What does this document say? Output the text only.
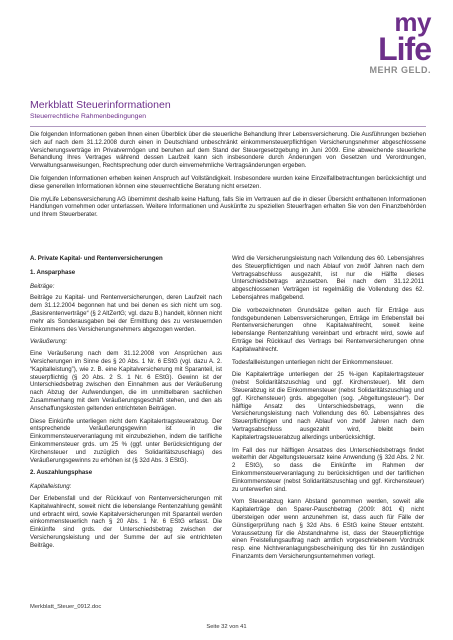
my
Life
MEHR GELD.
Merkblatt Steuerinformationen
Steuerrechtliche Rahmenbedingungen

Die folgenden Informationen geben Ihnen einen Überblick über die steuerliche Behandlung Ihrer Lebensversicherung. Die Ausführungen beziehen sich auf nach dem 31.12.2008 durch einen in Deutschland unbeschränkt einkommensteuerpflichtigen Versicherungsnehmer abgeschlossene Versicherungsverträge im Privatvermögen und beruhen auf dem Stand der Steuergesetzgebung im Juni 2009. Eine abweichende steuerliche Behandlung Ihres Vertrages während dessen Laufzeit kann sich insbesondere durch Änderungen von Gesetzen und Verordnungen, Verwaltungsanweisungen, Rechtsprechung oder durch einvernehmliche Vertragsänderungen ergeben.

Die folgenden Informationen erheben keinen Anspruch auf Vollständigkeit. Insbesondere wurden keine Einzelfallbetrachtungen berücksichtigt und diese generellen Informationen können eine steuerrechtliche Beratung nicht ersetzen.

Die myLife Lebensversicherung AG übernimmt deshalb keine Haftung, falls Sie im Vertrauen auf die in dieser Übersicht enthaltenen Informationen Handlungen vornehmen oder unterlassen. Weitere Informationen und Auskünfte zu speziellen Steuerfragen erhalten Sie von den Finanzbehörden und Ihrem Steuerberater.

A. Private Kapital- und Rentenversicherungen

1. Ansparphase

Beiträge:

Beiträge zu Kapital- und Rentenversicherungen, deren Laufzeit nach dem 31.12.2004 begonnen hat und bei denen es sich nicht um sog. „Basisrentenverträge“ (§ 2 AltZertG; vgl. dazu B.) handelt, können nicht mehr als Sonderausgaben bei der Ermittlung des zu versteuernden Einkommens des Versicherungsnehmers abgezogen werden.

Veräußerung:

Eine Veräußerung nach dem 31.12.2008 von Ansprüchen aus Versicherungen im Sinne des § 20 Abs. 1 Nr. 6 EStG (vgl. dazu A. 2. “Kapitalleistung”), wie z. B. eine Kapitalversicherung mit Sparanteil, ist steuerpflichtig (§ 20 Abs. 2 S. 1 Nr. 6 EStG). Gewinn ist der Unterschiedsbetrag zwischen den Einnahmen aus der Veräußerung nach Abzug der Aufwendungen, die im unmittelbaren sachlichen Zusammenhang mit dem Veräußerungsgeschäft stehen, und den als Anschaffungskosten geltenden entrichteten Beiträgen.

Diese Einkünfte unterliegen nicht dem Kapitalertragsteuerabzug. Der entsprechende Veräußerungsgewinn ist in die Einkommensteuerveranlagung mit einzubeziehen, indem die tarifliche Einkommensteuer grds. um 25 % (ggf. unter Berücksichtigung der Kirchensteuer und zuzüglich des Solidaritätszuschlags) des Veräußerungsgewinns zu erhöhen ist (§ 32d Abs. 3 EStG).

2. Auszahlungsphase

Kapitalleistung:

Der Erlebensfall und der Rückkauf von Rentenversicherungen mit Kapitalwahlrecht, soweit nicht die lebenslange Rentenzahlung gewählt und erbracht wird, sowie Kapitalversicherungen mit Sparanteil werden einkommensteuerlich nach § 20 Abs. 1 Nr. 6 EStG erfasst. Die Einkünfte sind grds. der Unterschiedsbetrag zwischen der Versicherungsleistung und der Summe der auf sie entrichteten Beiträge.

Wird die Versicherungsleistung nach Vollendung des 60. Lebensjahres des Steuerpflichtigen und nach Ablauf von zwölf Jahren nach dem Vertragsabschluss ausgezahlt, ist nur die Hälfte dieses Unterschiedsbetrags anzusetzen. Bei nach dem 31.12.2011 abgeschlossenen Verträgen ist regelmäßig die Vollendung des 62. Lebensjahres maßgebend.

Die vorbezeichneten Grundsätze gelten auch für Erträge aus fondsgebundenen Lebensversicherungen, Erträge im Erlebensfall bei Rentenversicherungen ohne Kapitalwahlrecht, soweit keine lebenslange Rentenzahlung vereinbart und erbracht wird, sowie auf Erträge bei Rückkauf des Vertrags bei Rentenversicherungen ohne Kapitalwahlrecht.

Todesfallleistungen unterliegen nicht der Einkommensteuer.

Die Kapitalerträge unterliegen der 25 %-igen Kapitalertragsteuer (nebst Solidaritätszuschlag und ggf. Kirchensteuer). Mit dem Steuerabzug ist die Einkommensteuer (nebst Solidaritätszuschlag und ggf. Kirchensteuer) grds. abgegolten (sog. „Abgeltungsteuer“). Der hälftige Ansatz des Unterschiedsbetrags, wenn die Versicherungsleistung nach Vollendung des 60. Lebensjahres des Steuerpflichtigen und nach Ablauf von zwölf Jahren nach dem Vertragsabschluss ausgezahlt wird, bleibt beim Kapitalertragsteuerabzug allerdings unberücksichtigt.

Im Fall des nur hälftigen Ansatzes des Unterschiedsbetrags findet weiterhin der Abgeltungsteuersatz keine Anwendung (§ 32d Abs. 2 Nr. 2 EStG), so dass die Einkünfte im Rahmen der Einkommensteuerveranlagung zu berücksichtigen und der tariflichen Einkommensteuer (nebst Solidaritätszuschlag und ggf. Kirchensteuer) zu unterwerfen sind.

Vom Steuerabzug kann Abstand genommen werden, soweit alle Kapitalerträge den Sparer-Pauschbetrag (2009: 801 €) nicht übersteigen oder wenn anzunehmen ist, dass auch für Fälle der Günstigerprüfung nach § 32d Abs. 6 EStG keine Steuer entsteht. Voraussetzung für die Abstandnahme ist, dass der Steuerpflichtige einen Freistellungsauftrag nach amtlich vorgeschriebenem Vordruck resp. eine Nichtveranlagungsbescheinigung des für ihn zuständigen Finanzamts dem Versicherungsunternehmen vorlegt.

Merkblatt_Steuer_0912.doc
Seite 32 von 41
